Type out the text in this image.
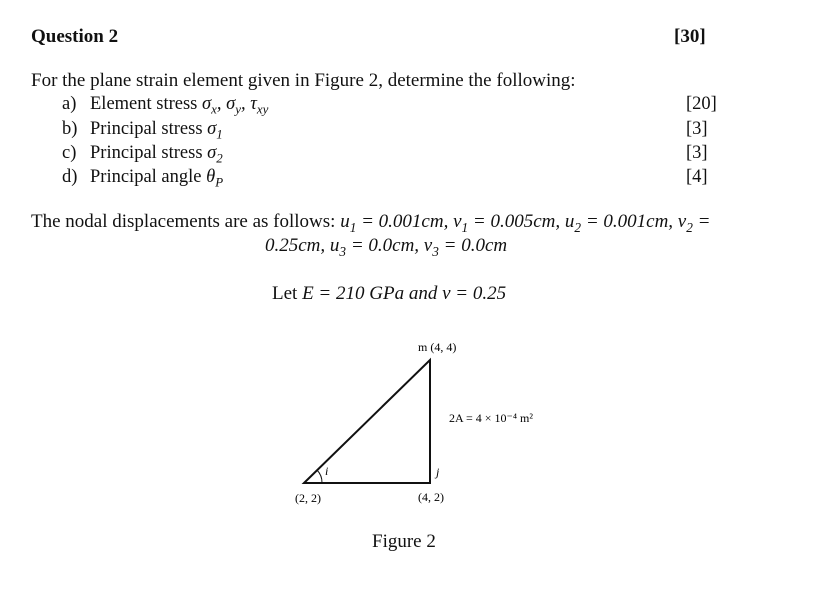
Question 2	[30]
For the plane strain element given in Figure 2, determine the following:
a) Element stress $\sigma_x$, $\sigma_y$, $\tau_{xy}$	[20]
b) Principal stress $\sigma_1$	[3]
c) Principal stress $\sigma_2$	[3]
d) Principal angle $\theta_P$	[4]
The nodal displacements are as follows: $u_1 = 0.001cm$, $v_1 = 0.005cm$, $u_2 = 0.001cm$, $v_2$ =
0.25cm, $u_3 = 0.0cm$, $v_3 = 0.0cm$
Let E = 210 GPa and v = 0.25
m (4, 4)
i	j
(2, 2)	(4, 2)
2A = 4 × 10⁻⁴ m²
Figure 2
